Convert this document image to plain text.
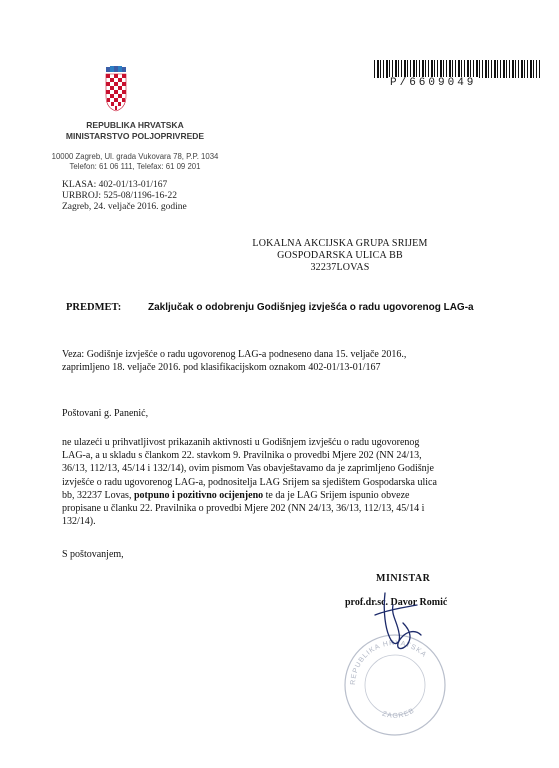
P/6609049
REPUBLIKA HRVATSKA
MINISTARSTVO POLJOPRIVREDE
10000 Zagreb, Ul. grada Vukovara 78, P.P. 1034
Telefon: 61 06 111, Telefax: 61 09 201
KLASA: 402-01/13-01/167
URBROJ: 525-08/1196-16-22
Zagreb, 24. veljače 2016. godine
LOKALNA AKCIJSKA GRUPA SRIJEM
GOSPODARSKA ULICA BB
32237LOVAS
PREDMET:	Zaključak o odobrenju Godišnjeg izvješća o radu ugovorenog LAG-a
Veza: Godišnje izvješće o radu ugovorenog LAG-a podneseno dana 15. veljače 2016.,
zaprimljeno 18. veljače 2016. pod klasifikacijskom oznakom 402-01/13-01/167
Poštovani g. Panenić,
ne ulazeći u prihvatljivost prikazanih aktivnosti u Godišnjem izvješću o radu ugovorenog
LAG-a, a u skladu s člankom 22. stavkom 9. Pravilnika o provedbi Mjere 202 (NN 24/13,
36/13, 112/13, 45/14 i 132/14), ovim pismom Vas obavještavamo da je zaprimljeno Godišnje
izvješće o radu ugovorenog LAG-a, podnositelja LAG Srijem sa sjedištem Gospodarska ulica
bb, 32237 Lovas, potpuno i pozitivno ocijenjeno te da je LAG Srijem ispunio obveze
propisane u članku 22. Pravilnika o provedbi Mjere 202 (NN 24/13, 36/13, 112/13, 45/14 i
132/14).
S poštovanjem,
REPUBLIKA HRVATSKA
ZAGREB
MINISTAR
prof.dr.sc. Davor Romić
